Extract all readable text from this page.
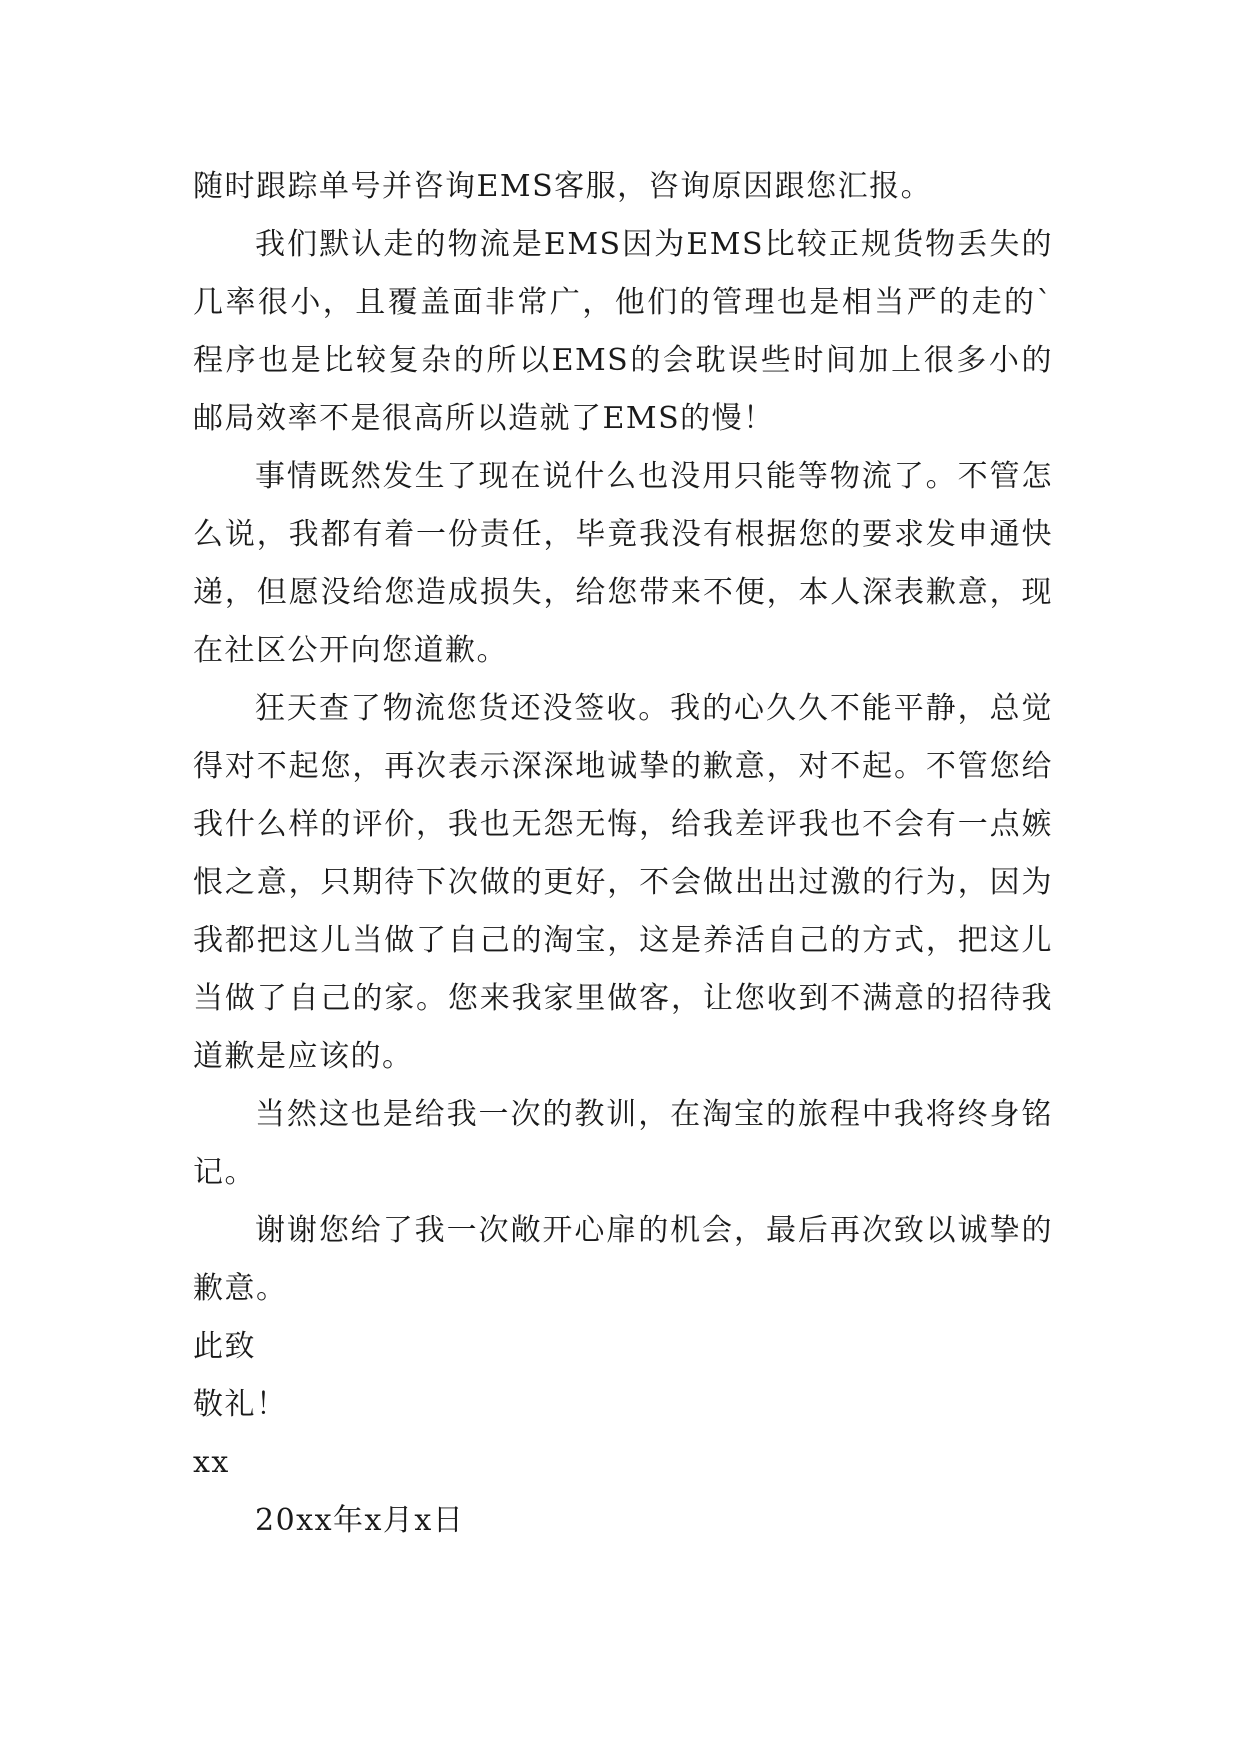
随时跟踪单号并咨询EMS客服，咨询原因跟您汇报。

我们默认走的物流是EMS因为EMS比较正规货物丢失的几率很小，且覆盖面非常广，他们的管理也是相当严的走的`程序也是比较复杂的所以EMS的会耽误些时间加上很多小的邮局效率不是很高所以造就了EMS的慢！

事情既然发生了现在说什么也没用只能等物流了。不管怎么说，我都有着一份责任，毕竟我没有根据您的要求发申通快递，但愿没给您造成损失，给您带来不便，本人深表歉意，现在社区公开向您道歉。

狂天查了物流您货还没签收。我的心久久不能平静，总觉得对不起您，再次表示深深地诚挚的歉意，对不起。不管您给我什么样的评价，我也无怨无悔，给我差评我也不会有一点嫉恨之意，只期待下次做的更好，不会做出出过激的行为，因为我都把这儿当做了自己的淘宝，这是养活自己的方式，把这儿当做了自己的家。您来我家里做客，让您收到不满意的招待我道歉是应该的。

当然这也是给我一次的教训，在淘宝的旅程中我将终身铭记。

谢谢您给了我一次敞开心扉的机会，最后再次致以诚挚的歉意。

此致

敬礼！

xx

20xx年x月x日
